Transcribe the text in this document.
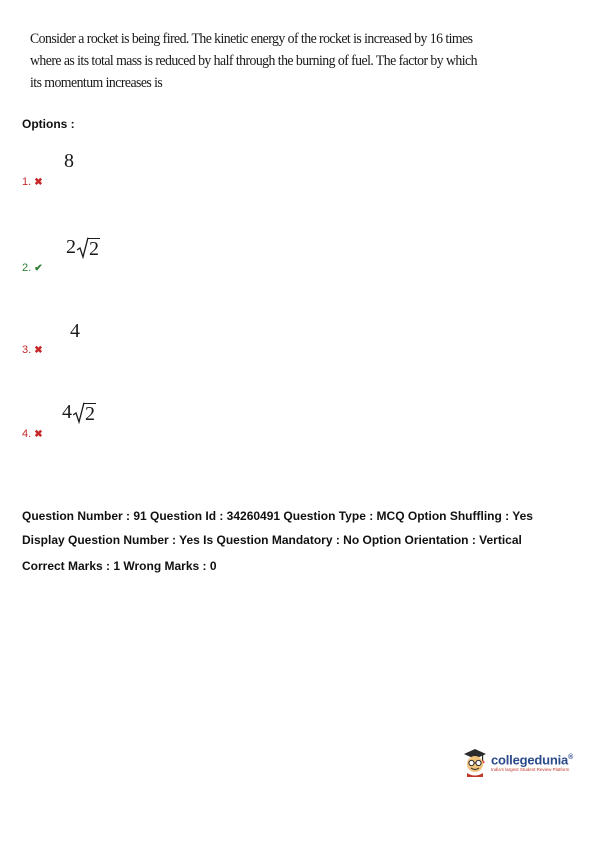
Consider a rocket is being fired. The kinetic energy of the rocket is increased by 16 times
where as its total mass is reduced by half through the burning of fuel. The factor by which
its momentum increases is
Options :
8
1. ✖
2 2
2. ✔
4
3. ✖
4 2
4. ✖
Question Number : 91 Question Id : 34260491 Question Type : MCQ Option Shuffling : Yes
Display Question Number : Yes Is Question Mandatory : No Option Orientation : Vertical
Correct Marks : 1 Wrong Marks : 0
collegedunia®
India's largest Student Review Platform
